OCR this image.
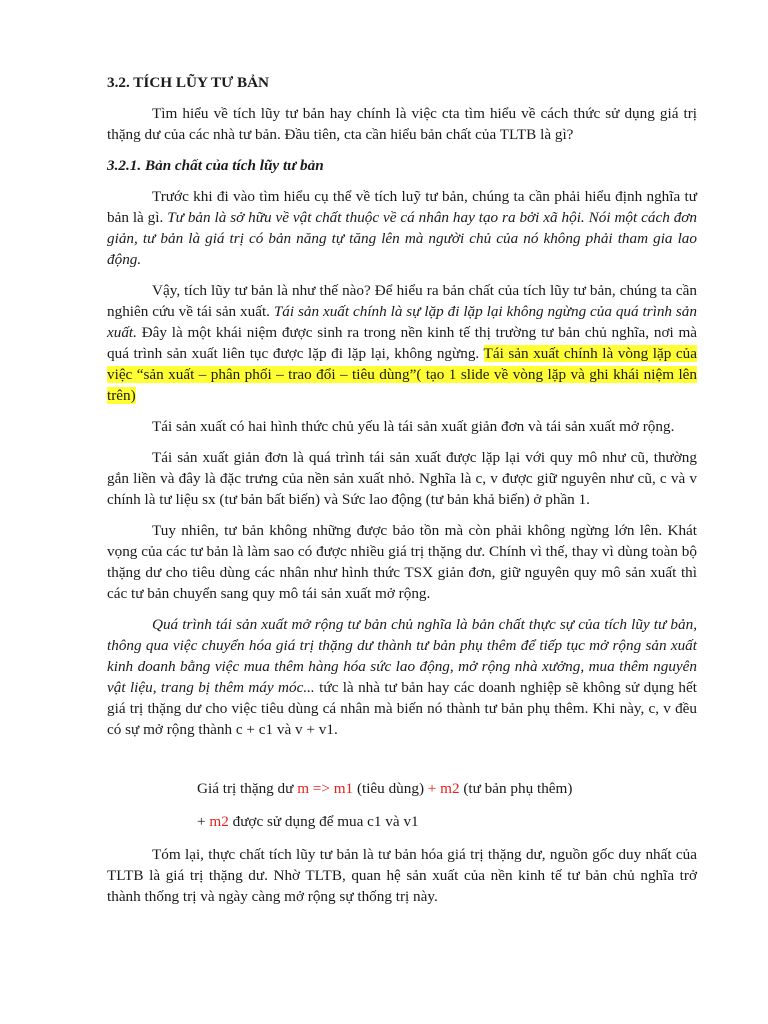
3.2. TÍCH LŨY TƯ BẢN

Tìm hiểu về tích lũy tư bản hay chính là việc cta tìm hiểu về cách thức sử dụng giá trị thặng dư của các nhà tư bản. Đầu tiên, cta cần hiểu bản chất của TLTB là gì?

3.2.1. Bản chất của tích lũy tư bản

Trước khi đi vào tìm hiểu cụ thể về tích luỹ tư bản, chúng ta cần phải hiểu định nghĩa tư bản là gì. Tư bản là sở hữu về vật chất thuộc về cá nhân hay tạo ra bởi xã hội. Nói một cách đơn giản, tư bản là giá trị có bản năng tự tăng lên mà người chủ của nó không phải tham gia lao động.

Vậy, tích lũy tư bản là như thế nào? Để hiểu ra bản chất của tích lũy tư bản, chúng ta cần nghiên cứu về tái sản xuất. Tái sản xuất chính là sự lặp đi lặp lại không ngừng của quá trình sản xuất. Đây là một khái niệm được sinh ra trong nền kinh tế thị trường tư bản chủ nghĩa, nơi mà quá trình sản xuất liên tục được lặp đi lặp lại, không ngừng. Tái sản xuất chính là vòng lặp của việc “sản xuất – phân phối – trao đổi – tiêu dùng”( tạo 1 slide về vòng lặp và ghi khái niệm lên trên)

Tái sản xuất có hai hình thức chủ yếu là tái sản xuất giản đơn và tái sản xuất mở rộng.

Tái sản xuất giản đơn là quá trình tái sản xuất được lặp lại với quy mô như cũ, thường gắn liền và đây là đặc trưng của nền sản xuất nhỏ. Nghĩa là c, v được giữ nguyên như cũ, c và v chính là tư liệu sx (tư bản bất biến) và Sức lao động (tư bản khả biến) ở phần 1.

Tuy nhiên, tư bản không những được bảo tồn mà còn phải không ngừng lớn lên. Khát vọng của các tư bản là làm sao có được nhiều giá trị thặng dư. Chính vì thế, thay vì dùng toàn bộ thặng dư cho tiêu dùng các nhân như hình thức TSX giản đơn, giữ nguyên quy mô sản xuất thì các tư bản chuyển sang quy mô tái sản xuất mở rộng.

Quá trình tái sản xuất mở rộng tư bản chủ nghĩa là bản chất thực sự của tích lũy tư bản, thông qua việc chuyển hóa giá trị thặng dư thành tư bản phụ thêm để tiếp tục mở rộng sản xuất kinh doanh bằng việc mua thêm hàng hóa sức lao động, mở rộng nhà xưởng, mua thêm nguyên vật liệu, trang bị thêm máy móc... tức là nhà tư bản hay các doanh nghiệp sẽ không sử dụng hết giá trị thặng dư cho việc tiêu dùng cá nhân mà biến nó thành tư bản phụ thêm. Khi này, c, v đều có sự mở rộng thành c + c1 và v + v1.

Giá trị thặng dư m => m1 (tiêu dùng) + m2 (tư bản phụ thêm)

+ m2 được sử dụng để mua c1 và v1

Tóm lại, thực chất tích lũy tư bản là tư bản hóa giá trị thặng dư, nguồn gốc duy nhất của TLTB là giá trị thặng dư. Nhờ TLTB, quan hệ sản xuất của nền kinh tế tư bản chủ nghĩa trở thành thống trị và ngày càng mở rộng sự thống trị này.
